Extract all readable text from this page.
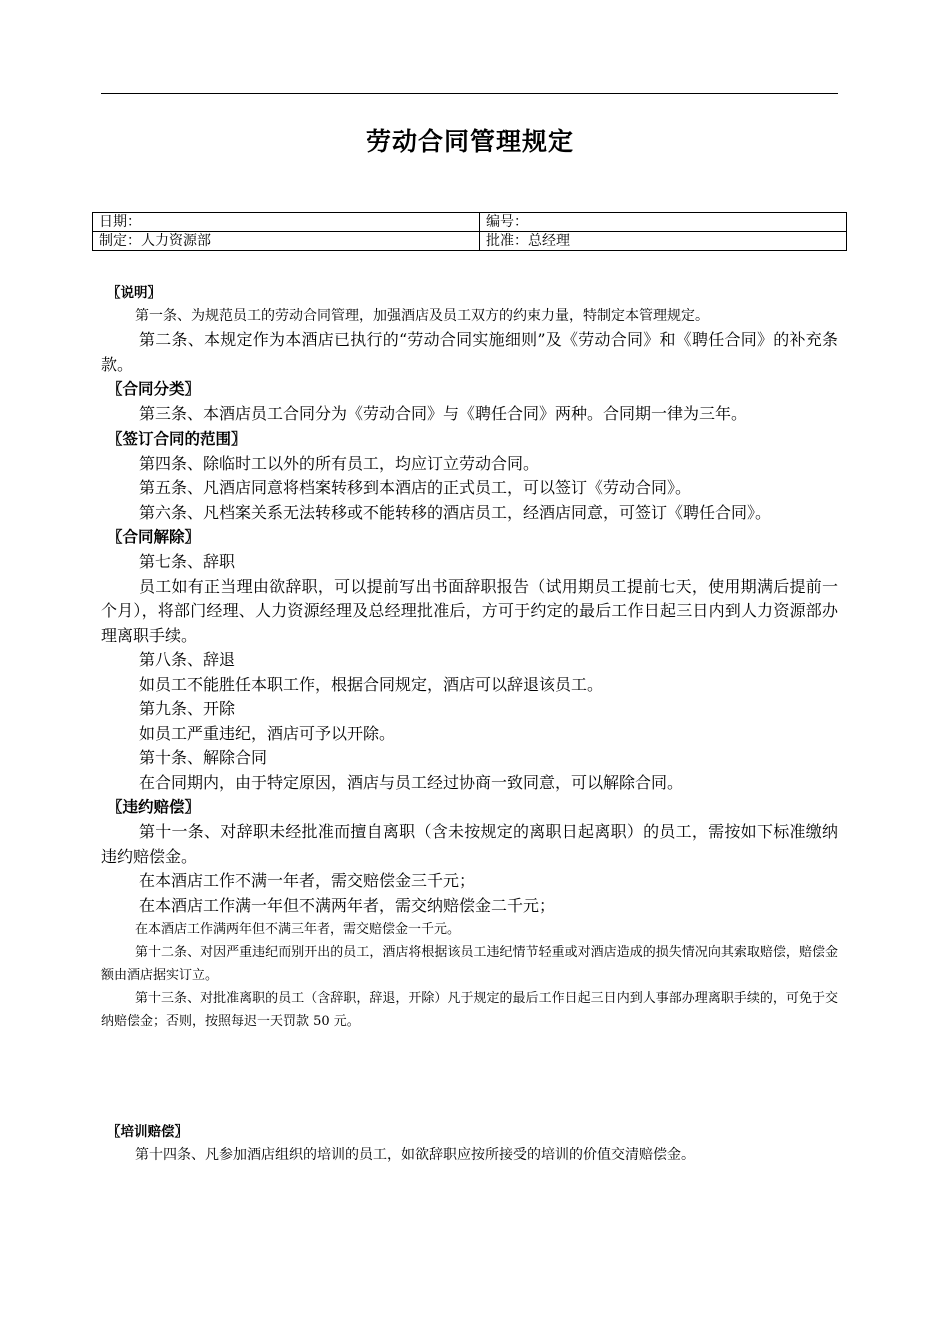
劳动合同管理规定
日期：	编号：
制定：人力资源部	批准：总经理
〖说明〗
第一条、为规范员工的劳动合同管理，加强酒店及员工双方的约束力量，特制定本管理规定。
第二条、本规定作为本酒店已执行的“劳动合同实施细则”及《劳动合同》和《聘任合同》的补充条款。
〖合同分类〗
第三条、本酒店员工合同分为《劳动合同》与《聘任合同》两种。合同期一律为三年。
〖签订合同的范围〗
第四条、除临时工以外的所有员工，均应订立劳动合同。
第五条、凡酒店同意将档案转移到本酒店的正式员工，可以签订《劳动合同》。
第六条、凡档案关系无法转移或不能转移的酒店员工，经酒店同意，可签订《聘任合同》。
〖合同解除〗
第七条、辞职
员工如有正当理由欲辞职，可以提前写出书面辞职报告（试用期员工提前七天，使用期满后提前一个月），将部门经理、人力资源经理及总经理批准后，方可于约定的最后工作日起三日内到人力资源部办理离职手续。
第八条、辞退
如员工不能胜任本职工作，根据合同规定，酒店可以辞退该员工。
第九条、开除
如员工严重违纪，酒店可予以开除。
第十条、解除合同
在合同期内，由于特定原因，酒店与员工经过协商一致同意，可以解除合同。
〖违约赔偿〗
第十一条、对辞职未经批准而擅自离职（含未按规定的离职日起离职）的员工，需按如下标准缴纳违约赔偿金。
在本酒店工作不满一年者，需交赔偿金三千元；
在本酒店工作满一年但不满两年者，需交纳赔偿金二千元；
在本酒店工作满两年但不满三年者，需交赔偿金一千元。
第十二条、对因严重违纪而别开出的员工，酒店将根据该员工违纪情节轻重或对酒店造成的损失情况向其索取赔偿，赔偿金额由酒店据实订立。
第十三条、对批准离职的员工（含辞职，辞退，开除）凡于规定的最后工作日起三日内到人事部办理离职手续的，可免于交纳赔偿金；否则，按照每迟一天罚款 50 元。
〖培训赔偿〗
第十四条、凡参加酒店组织的培训的员工，如欲辞职应按所接受的培训的价值交清赔偿金。
